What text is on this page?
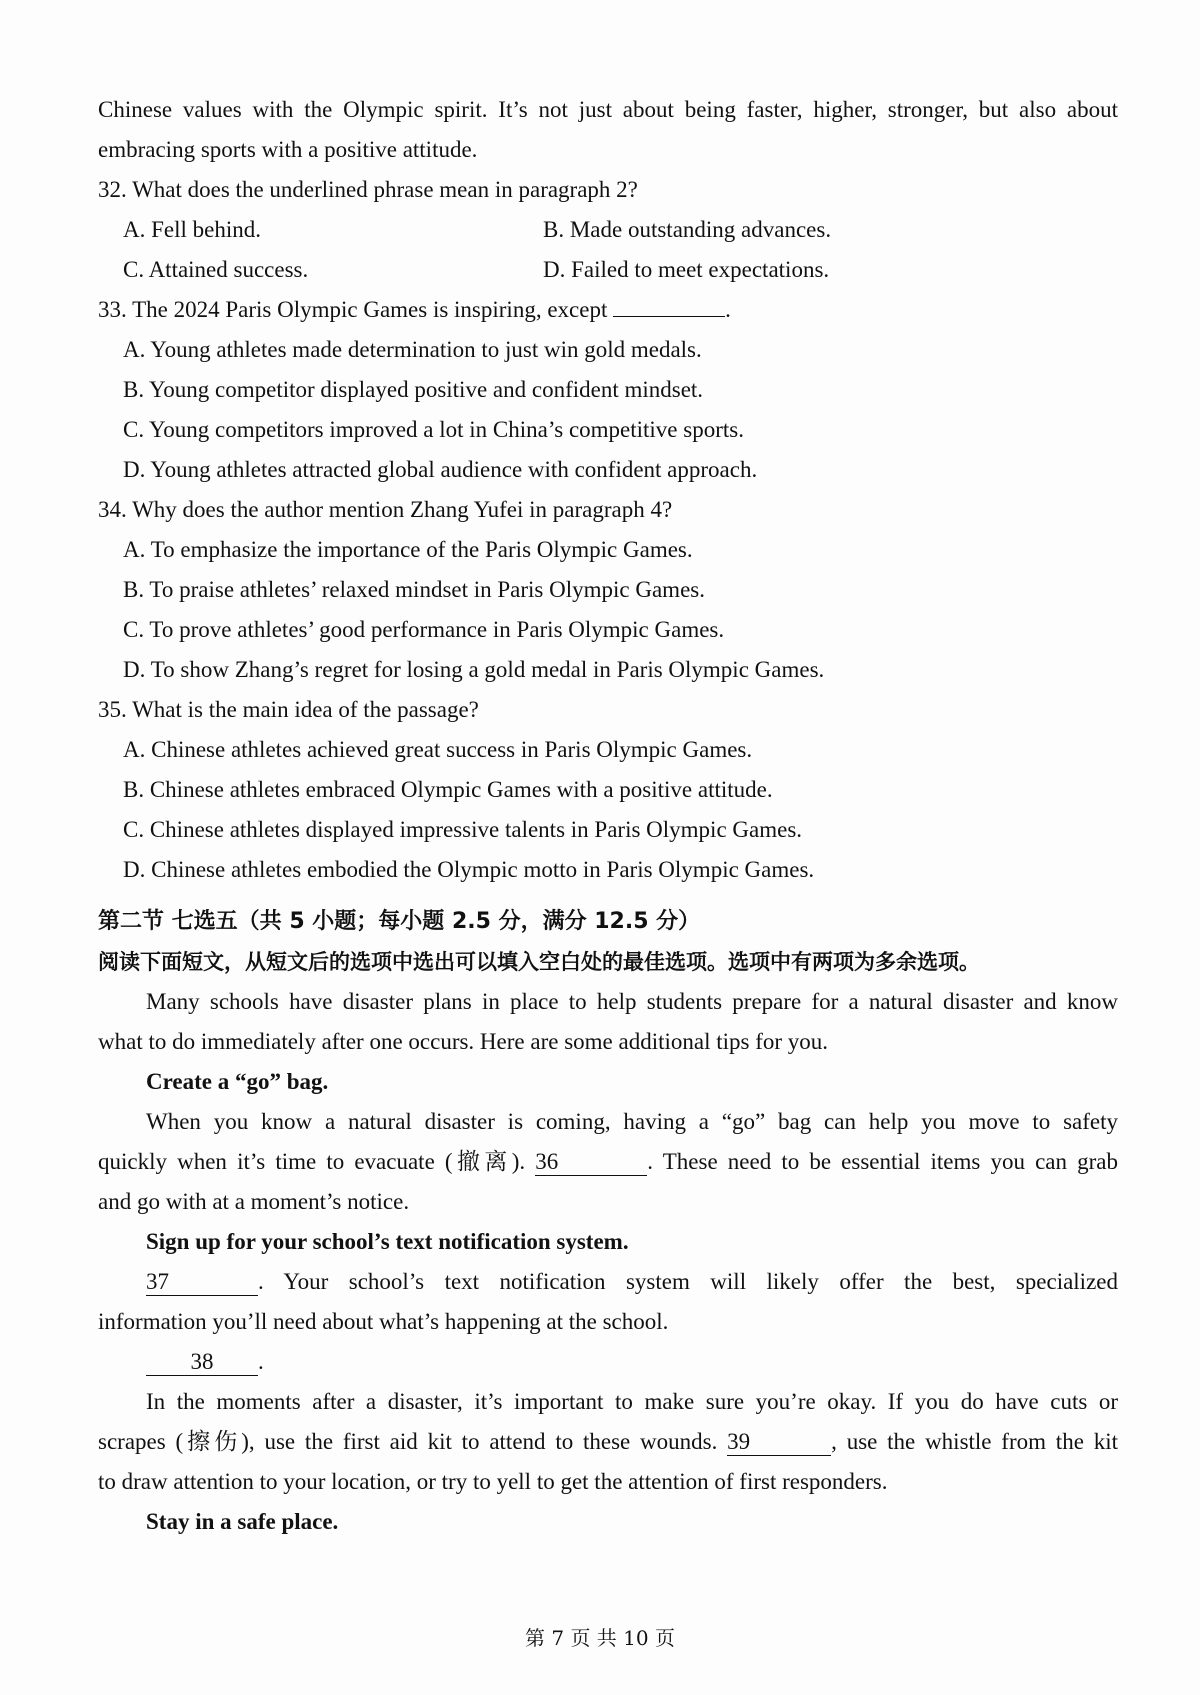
Chinese values with the Olympic spirit. It’s not just about being faster, higher, stronger, but also about
embracing sports with a positive attitude.
32. What does the underlined phrase mean in paragraph 2?
A. Fell behind.	B. Made outstanding advances.
C. Attained success.	D. Failed to meet expectations.
33. The 2024 Paris Olympic Games is inspiring, except	.
A. Young athletes made determination to just win gold medals.
B. Young competitor displayed positive and confident mindset.
C. Young competitors improved a lot in China’s competitive sports.
D. Young athletes attracted global audience with confident approach.
34. Why does the author mention Zhang Yufei in paragraph 4?
A. To emphasize the importance of the Paris Olympic Games.
B. To praise athletes’ relaxed mindset in Paris Olympic Games.
C. To prove athletes’ good performance in Paris Olympic Games.
D. To show Zhang’s regret for losing a gold medal in Paris Olympic Games.
35. What is the main idea of the passage?
A. Chinese athletes achieved great success in Paris Olympic Games.
B. Chinese athletes embraced Olympic Games with a positive attitude.
C. Chinese athletes displayed impressive talents in Paris Olympic Games.
D. Chinese athletes embodied the Olympic motto in Paris Olympic Games.
第二节 七选五（共 5 小题；每小题 2.5 分，满分 12.5 分）
阅读下面短文，从短文后的选项中选出可以填入空白处的最佳选项。选项中有两项为多余选项。
Many schools have disaster plans in place to help students prepare for a natural disaster and know
what to do immediately after one occurs. Here are some additional tips for you.
Create a “go” bag.
When you know a natural disaster is coming, having a “go” bag can help you move to safety
quickly when it’s time to evacuate (撤离). 36	. These need to be essential items you can grab
and go with at a moment’s notice.
Sign up for your school’s text notification system.
37	. Your school’s text notification system will likely offer the best, specialized
information you’ll need about what’s happening at the school.
38 .
In the moments after a disaster, it’s important to make sure you’re okay. If you do have cuts or
scrapes (擦伤), use the first aid kit to attend to these wounds. 39	, use the whistle from the kit
to draw attention to your location, or try to yell to get the attention of first responders.
Stay in a safe place.
第 7 页 共 10 页
